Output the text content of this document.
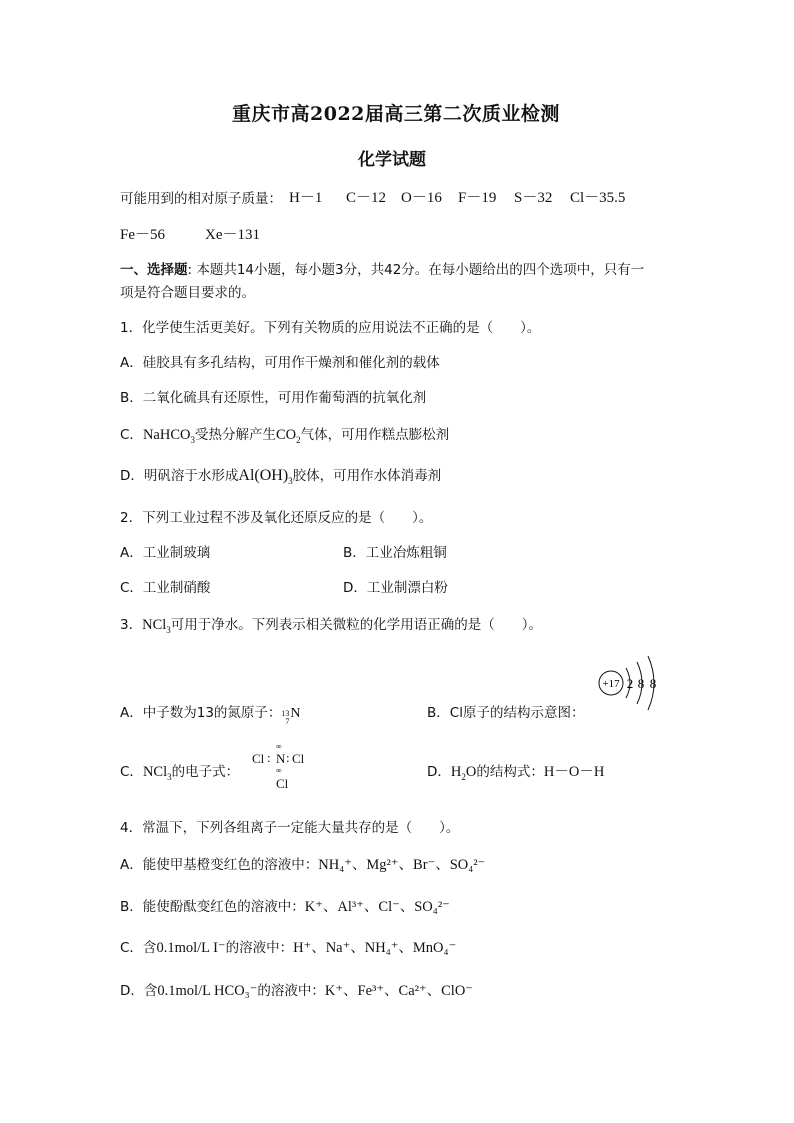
重庆市高2022届高三第二次质业检测
化学试题
可能用到的相对原子质量： H－1 C－12 O－16 F－19 S－32 Cl－35.5
Fe－56	Xe－131
一、选择题: 本题共14小题，每小题3分，共42分。在每小题给出的四个选项中，只有一
项是符合题目要求的。
1．化学使生活更美好。下列有关物质的应用说法不正确的是（　　）。
A．硅胶具有多孔结构，可用作干燥剂和催化剂的载体
B．二氧化硫具有还原性，可用作葡萄酒的抗氧化剂
C．NaHCO$_3$受热分解产生$CO_2$气体，可用作糕点膨松剂
D．明矾溶于水形成$Al(OH)_3$胶体，可用作水体消毒剂
2．下列工业过程不涉及氧化还原反应的是（　　）。
A．工业制玻璃	B．工业冶炼粗铜
C．工业制硝酸	D．工业制漂白粉
3．NCl$_3$可用于净水。下列表示相关微粒的化学用语正确的是（　　）。
A．中子数为13的氮原子： 13
7
N	B．Cl原子的结构示意图：
+17 2 8 8
C．NCl$_3$的电子式：
∞
Cl : N : Cl
∞
Cl
D．$H_2O$的结构式：H－O－H
4．常温下，下列各组离子一定能大量共存的是（　　）。
A．能使甲基橙变红色的溶液中：NH₄⁺、Mg²⁺、Br⁻、SO₄²⁻
B．能使酚酞变红色的溶液中：K⁺、Al³⁺、Cl⁻、SO₄²⁻
C．含0.1mol/L I⁻的溶液中：H⁺、Na⁺、NH₄⁺、MnO₄⁻
D．含0.1mol/L HCO₃⁻的溶液中：K⁺、Fe³⁺、Ca²⁺、ClO⁻
